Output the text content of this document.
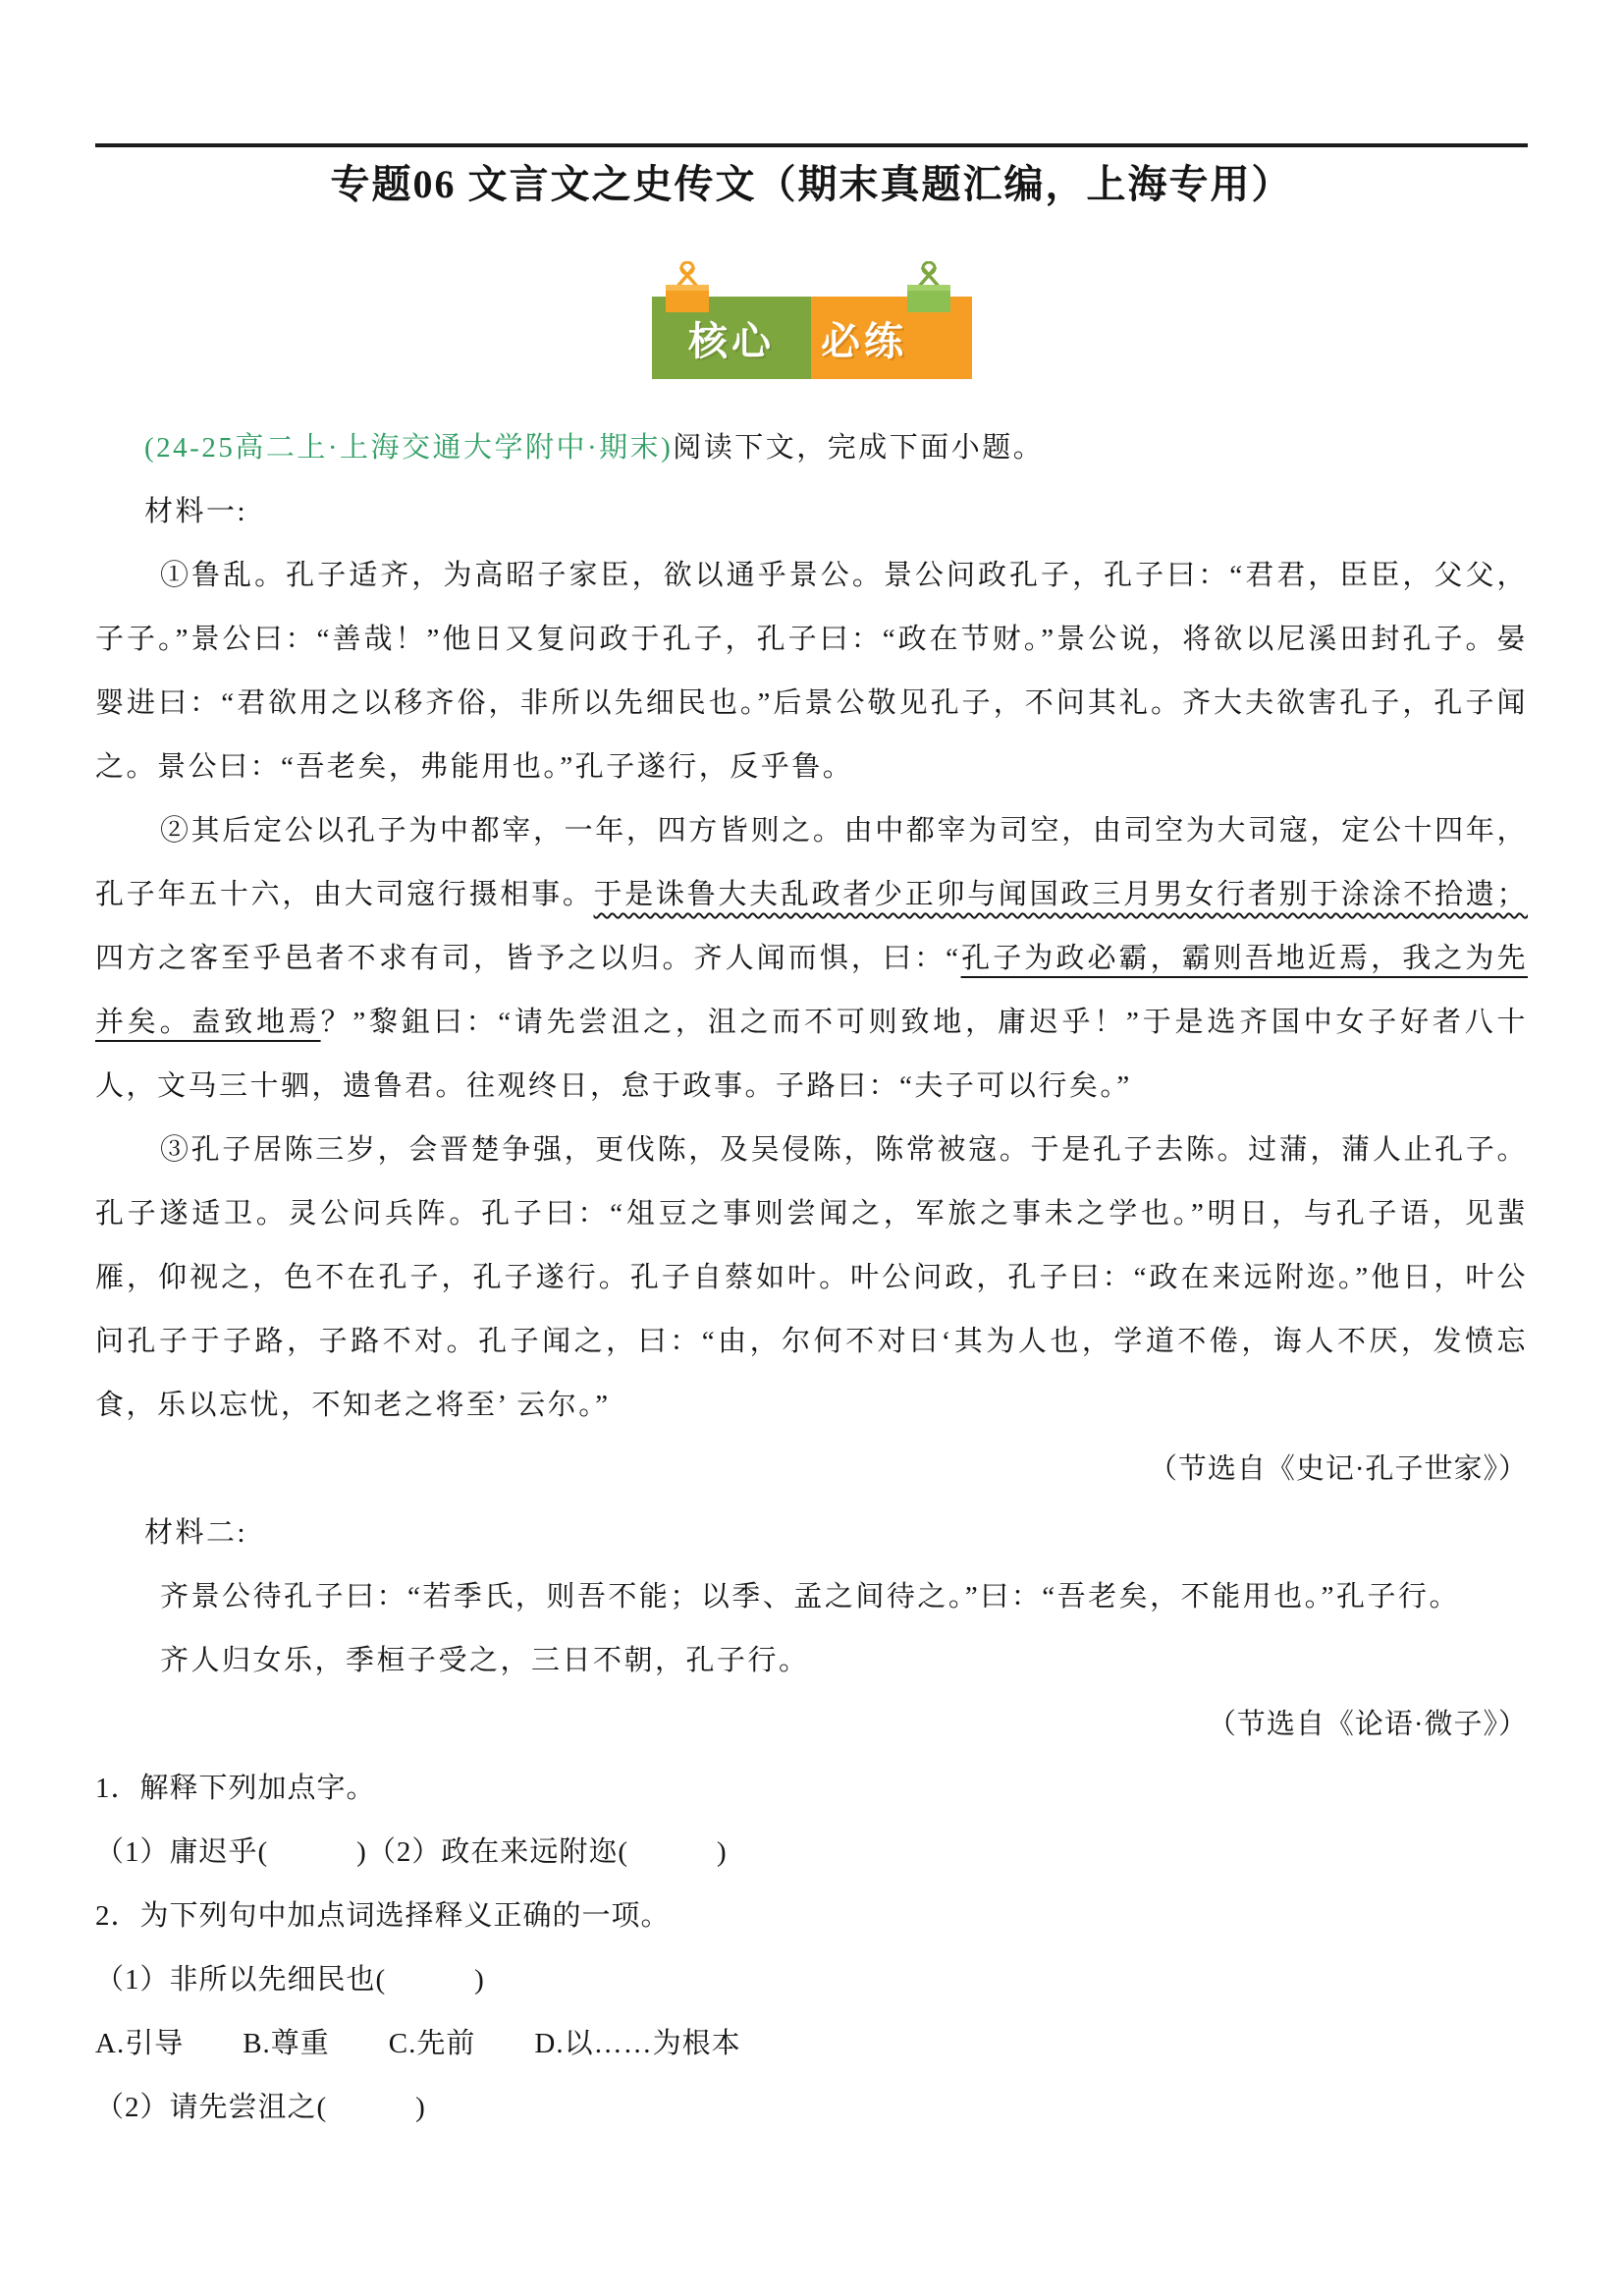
专题06 文言文之史传文（期末真题汇编，上海专用）
核心	必练

(24-25高二上·上海交通大学附中·期末)阅读下文，完成下面小题。

材料一:

①鲁乱。孔子适齐，为高昭子家臣，欲以通乎景公。景公问政孔子，孔子曰：“君君，臣臣，父父，子子。”景公曰：“善哉！”他日又复问政于孔子，孔子曰：“政在节财。”景公说，将欲以尼溪田封孔子。晏婴进曰：“君欲用之以移齐俗，非所以先细民也。”后景公敬见孔子，不问其礼。齐大夫欲害孔子，孔子闻之。景公曰：“吾老矣，弗能用也。”孔子遂行，反乎鲁。

②其后定公以孔子为中都宰，一年，四方皆则之。由中都宰为司空，由司空为大司寇，定公十四年，孔子年五十六，由大司寇行摄相事。于是诛鲁大夫乱政者少正卯与闻国政三月男女行者别于涂涂不拾遗；四方之客至乎邑者不求有司，皆予之以归。齐人闻而惧，曰：“孔子为政必霸，霸则吾地近焉，我之为先并矣。盍致地焉？”黎鉏曰：“请先尝沮之，沮之而不可则致地，庸迟乎！”于是选齐国中女子好者八十人，文马三十驷，遗鲁君。往观终日，怠于政事。子路曰：“夫子可以行矣。”

③孔子居陈三岁，会晋楚争强，更伐陈，及吴侵陈，陈常被寇。于是孔子去陈。过蒲，蒲人止孔子。孔子遂适卫。灵公问兵阵。孔子曰：“俎豆之事则尝闻之，军旅之事未之学也。”明日，与孔子语，见蜚雁，仰视之，色不在孔子，孔子遂行。孔子自蔡如叶。叶公问政，孔子曰：“政在来远附迩。”他日，叶公问孔子于子路，子路不对。孔子闻之，曰：“由，尔何不对曰‘其为人也，学道不倦，诲人不厌，发愤忘食，乐以忘忧，不知老之将至’ 云尔。”

（节选自《史记·孔子世家》）

材料二:

齐景公待孔子曰：“若季氏，则吾不能；以季、孟之间待之。”曰：“吾老矣，不能用也。”孔子行。

齐人归女乐，季桓子受之，三日不朝，孔子行。

（节选自《论语·微子》）

1．解释下列加点字。

（1）庸迟乎(　　　)（2）政在来远附迩(　　　)

2．为下列句中加点词选择释义正确的一项。

（1）非所以先细民也(　　　)

A.引导　　B.尊重　　C.先前　　D.以……为根本

（2）请先尝沮之(　　　)
